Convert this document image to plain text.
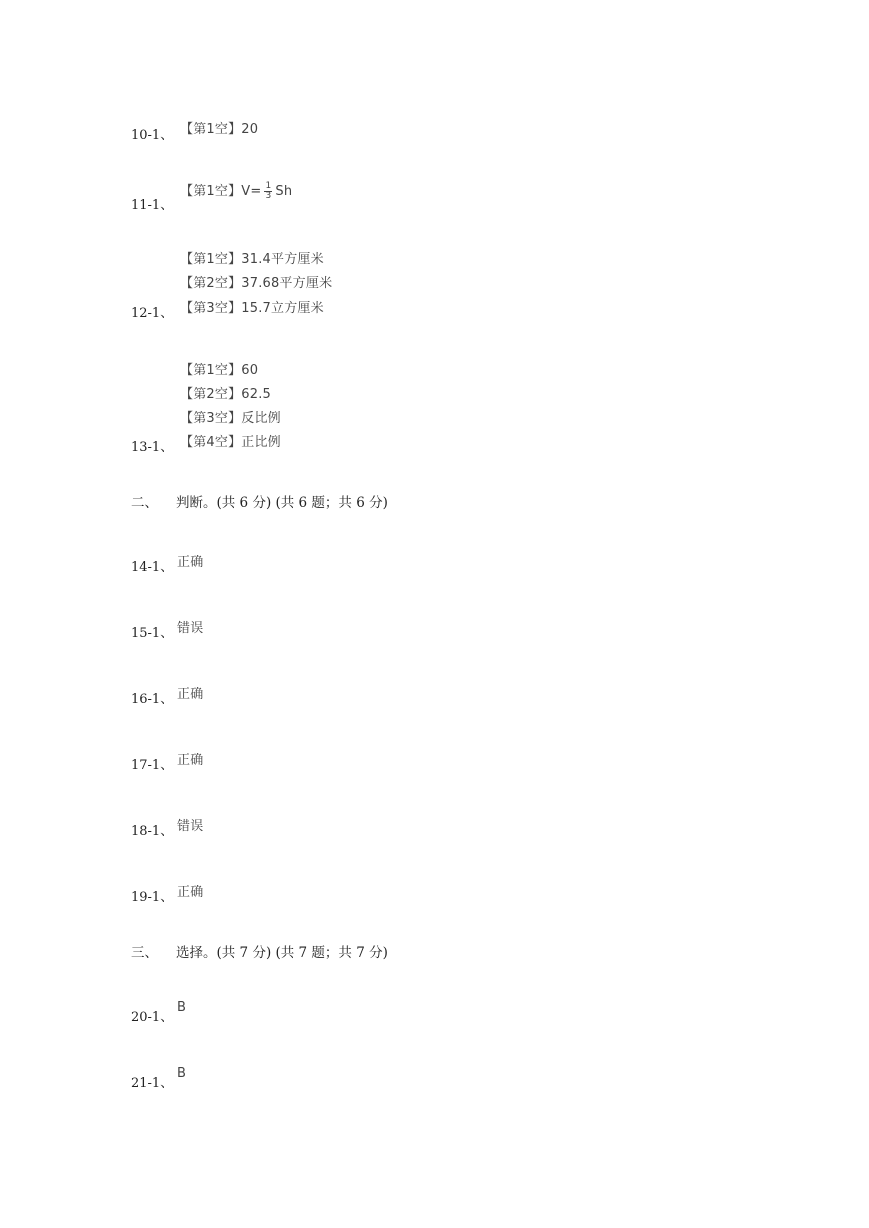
10-1、 【第1空】20
11-1、
【第1空】$V= \frac{1}{3}$ Sh
【第1空】31.4平方厘米
【第2空】37.68平方厘米
12-1、 【第3空】15.7立方厘米
【第1空】60
【第2空】62.5
【第3空】反比例
13-1、 【第4空】正比例
二、 判断。(共 6 分) (共 6 题；共 6 分)
14-1、 正确
15-1、 错误
16-1、 正确
17-1、 正确
18-1、 错误
19-1、 正确
三、 选择。(共 7 分) (共 7 题；共 7 分)
20-1、
B
21-1、
B
